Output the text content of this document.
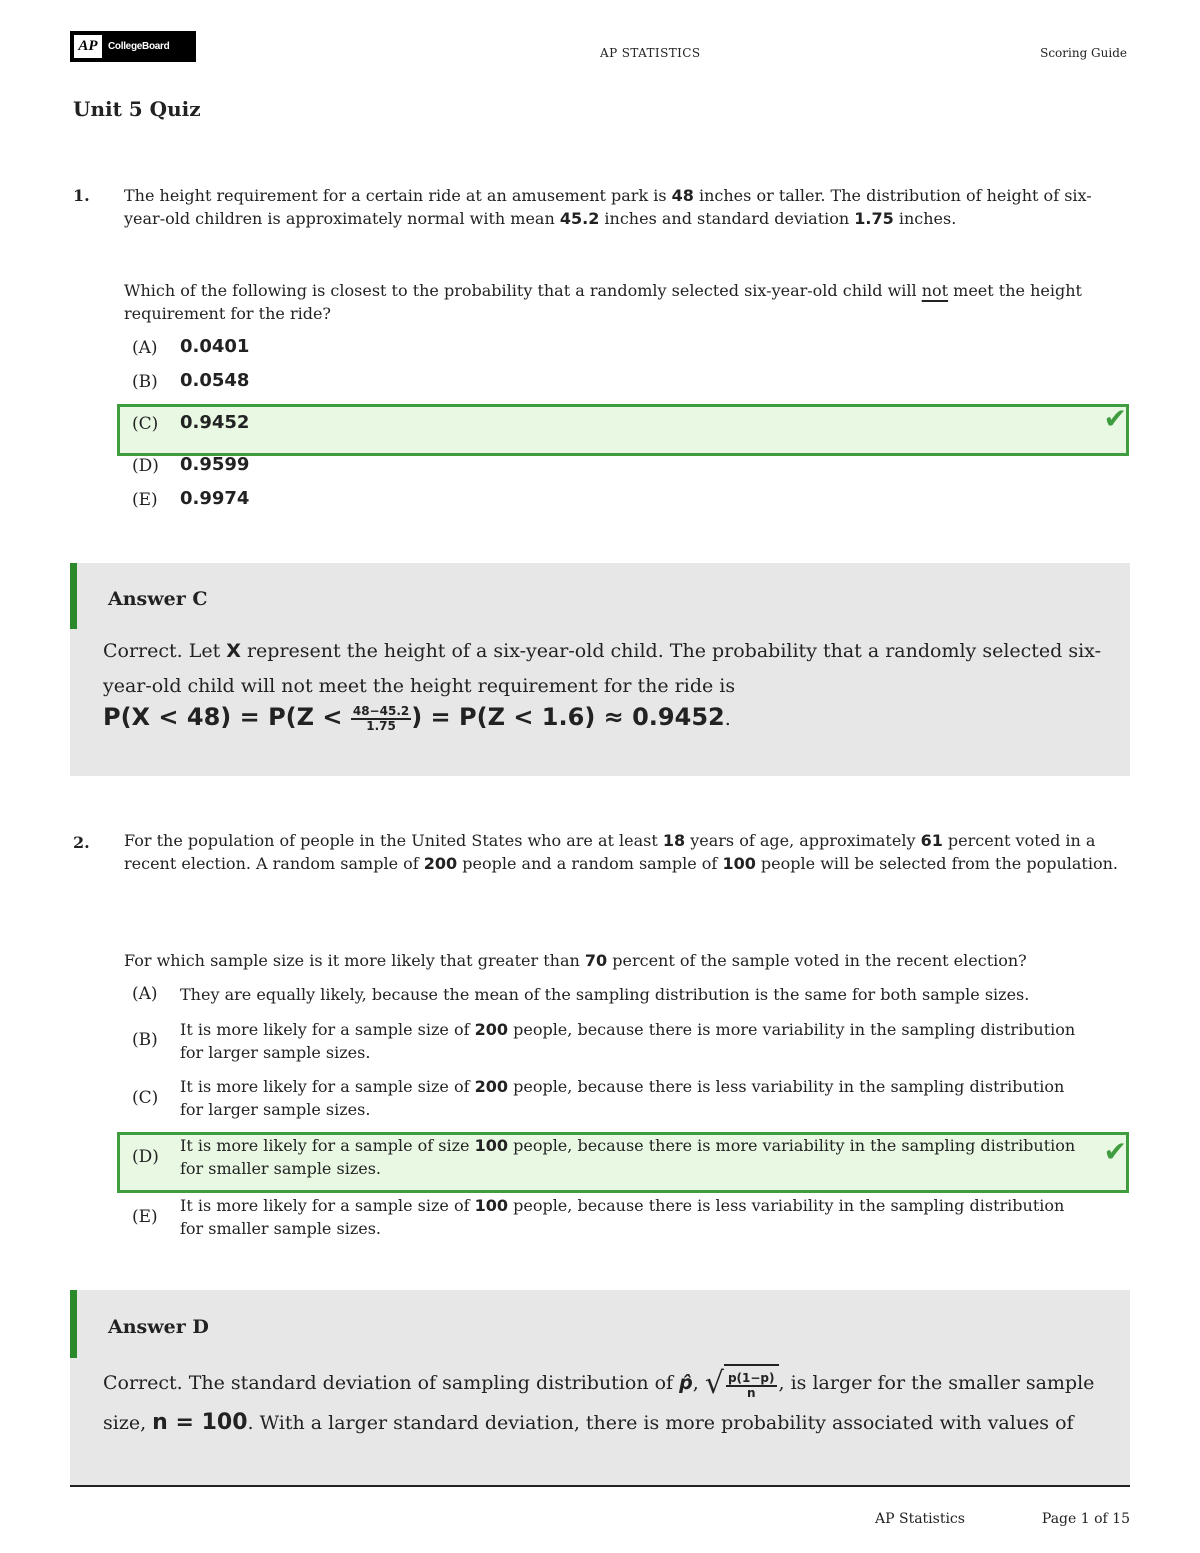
AP	CollegeBoard	AP STATISTICS	Scoring Guide
Unit 5 Quiz
1. The height requirement for a certain ride at an amusement park is 48 inches or taller. The distribution of height of six-year-old children is approximately normal with mean 45.2 inches and standard deviation 1.75 inches.
Which of the following is closest to the probability that a randomly selected six-year-old child will not meet the height requirement for the ride?
✔
(A) 0.0401
(B) 0.0548
(C) 0.9452
(D) 0.9599
(E) 0.9974
Answer C
Correct. Let X represent the height of a six-year-old child. The probability that a randomly selected six-year-old child will not meet the height requirement for the ride is
$P(X < 48) = P(Z < \frac{48-45.2}{1.75}$ ) = P(Z < 1.6) ≈ 0.9452.
2. For the population of people in the United States who are at least 18 years of age, approximately 61 percent voted in a recent election. A random sample of 200 people and a random sample of 100 people will be selected from the population.
For which sample size is it more likely that greater than 70 percent of the sample voted in the recent election?
✔
(A) They are equally likely, because the mean of the sampling distribution is the same for both sample sizes.
(B)
It is more likely for a sample size of 200 people, because there is more variability in the sampling distribution for larger sample sizes.
(C)
It is more likely for a sample size of 200 people, because there is less variability in the sampling distribution for larger sample sizes.
(D)
It is more likely for a sample of size 100 people, because there is more variability in the sampling distribution for smaller sample sizes.
(E)
It is more likely for a sample size of 100 people, because there is less variability in the sampling distribution for smaller sample sizes.
Answer D
Correct. The standard deviation of sampling distribution of p̂, √ $\frac{p(1-p)}{n}$ , is larger for the smaller sample size, n = 100. With a larger standard deviation, there is more probability associated with values of
AP Statistics	Page 1 of 15
